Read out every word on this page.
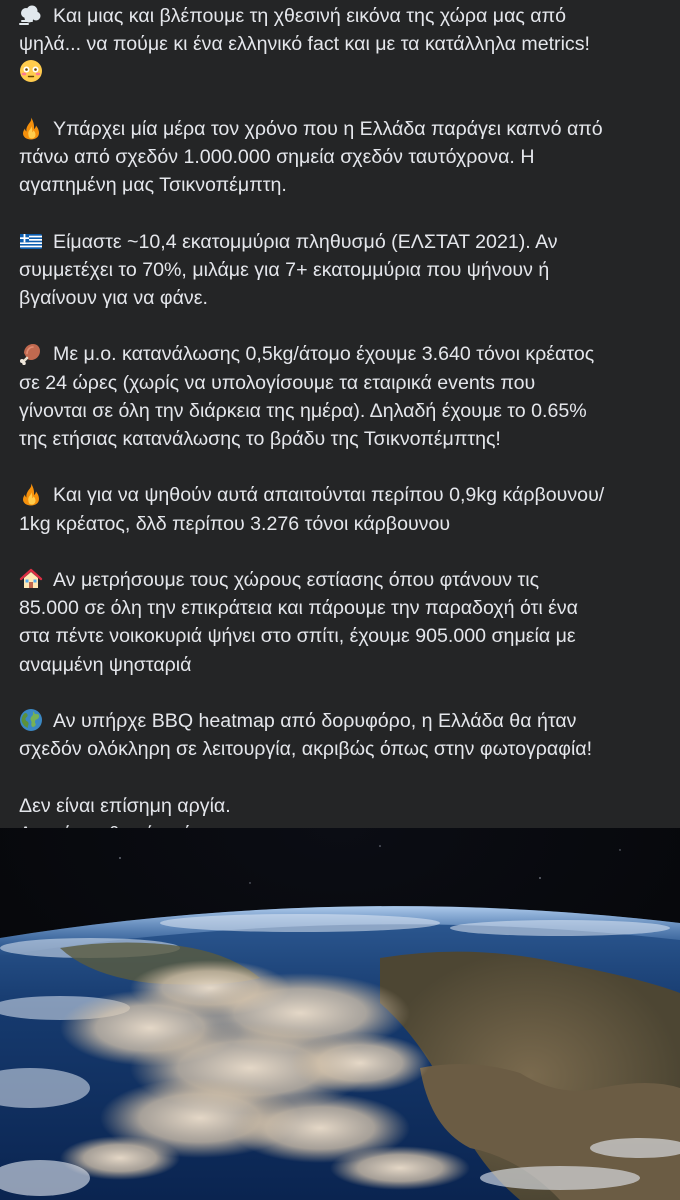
Και μιας και βλέπουμε τη χθεσινή εικόνα της χώρα μας από
ψηλά... να πούμε κι ένα ελληνικό fact και με τα κατάλληλα metrics!

Υπάρχει μία μέρα τον χρόνο που η Ελλάδα παράγει καπνό από
πάνω από σχεδόν 1.000.000 σημεία σχεδόν ταυτόχρονα. Η
αγαπημένη μας Τσικνοπέμπτη.

Είμαστε ~10,4 εκατομμύρια πληθυσμό (ΕΛΣΤΑΤ 2021). Αν
συμμετέχει το 70%, μιλάμε για 7+ εκατομμύρια που ψήνουν ή
βγαίνουν για να φάνε.

Με μ.ο. κατανάλωσης 0,5kg/άτομο έχουμε 3.640 τόνοι κρέατος
σε 24 ώρες (χωρίς να υπολογίσουμε τα εταιρικά events που
γίνονται σε όλη την διάρκεια της ημέρα). Δηλαδή έχουμε το 0.65%
της ετήσιας κατανάλωσης το βράδυ της Τσικνοπέμπτης!

Και για να ψηθούν αυτά απαιτούνται περίπου 0,9kg κάρβουνου/
1kg κρέατος, δλδ περίπου 3.276 τόνοι κάρβουνου

Αν μετρήσουμε τους χώρους εστίασης όπου φτάνουν τις
85.000 σε όλη την επικράτεια και πάρουμε την παραδοχή ότι ένα
στα πέντε νοικοκυριά ψήνει στο σπίτι, έχουμε 905.000 σημεία με
αναμμένη ψησταριά

Αν υπήρχε BBQ heatmap από δορυφόρο, η Ελλάδα θα ήταν
σχεδόν ολόκληρη σε λειτουργία, ακριβώς όπως στην φωτογραφία!

Δεν είναι επίσημη αργία.
